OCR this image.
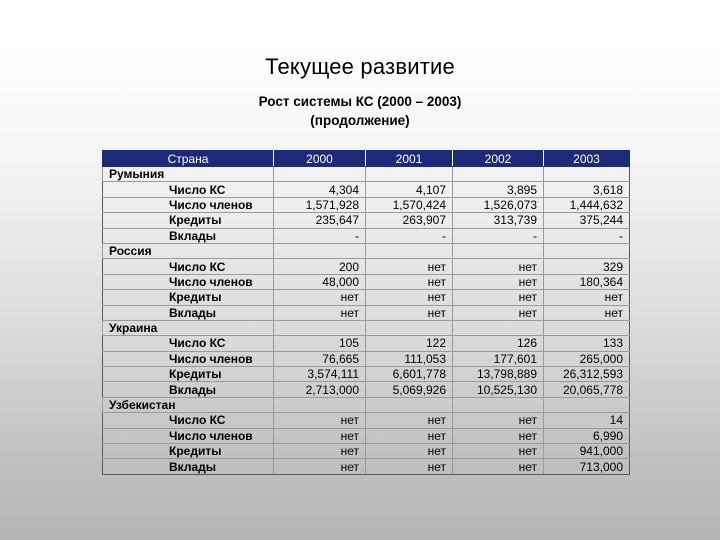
Текущее развитие
Рост системы КС (2000 – 2003)
(продолжение)
Страна	2000	2001	2002	2003
Румыния				
Число КС	4,304	4,107	3,895	3,618
Число членов	1,571,928	1,570,424	1,526,073	1,444,632
Кредиты	235,647	263,907	313,739	375,244
Вклады	-	-	-	-
Россия				
Число КС	200	нет	нет	329
Число членов	48,000	нет	нет	180,364
Кредиты	нет	нет	нет	нет
Вклады	нет	нет	нет	нет
Украина				
Число КС	105	122	126	133
Число членов	76,665	111,053	177,601	265,000
Кредиты	3,574,111	6,601,778	13,798,889	26,312,593
Вклады	2,713,000	5,069,926	10,525,130	20,065,778
Узбекистан				
Число КС	нет	нет	нет	14
Число членов	нет	нет	нет	6,990
Кредиты	нет	нет	нет	941,000
Вклады	нет	нет	нет	713,000
